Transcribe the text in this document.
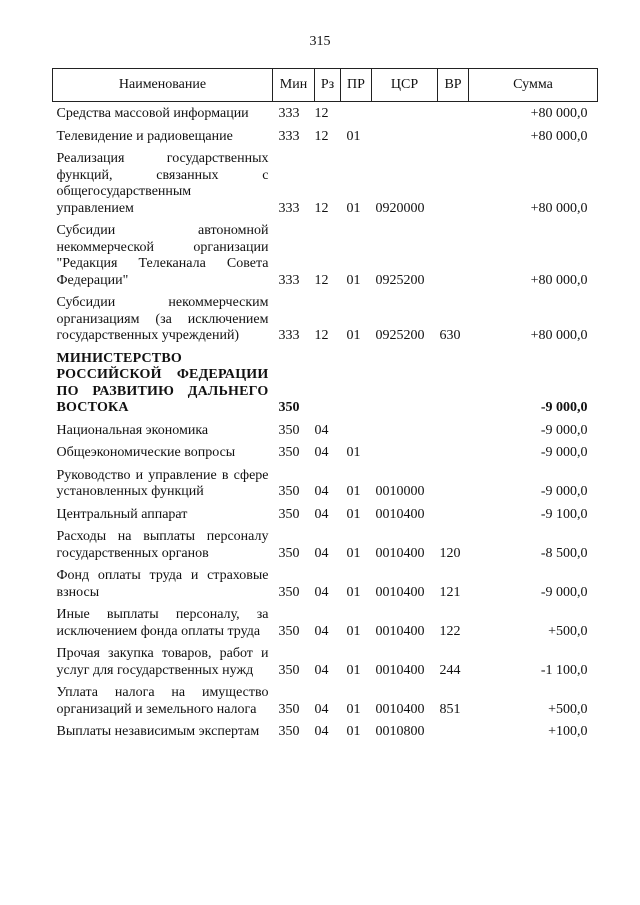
315
Наименование	Мин	Рз	ПР	ЦСР	ВР	Сумма

Средства массовой информации	333	12				+80 000,0

Телевидение и радиовещание	333	12	01			+80 000,0

Реализация государственных функций, связанных с общегосударственным управлением	333	12	01	0920000		+80 000,0

Субсидии автономной некоммерческой организации "Редакция Телеканала Совета Федерации"	333	12	01	0925200		+80 000,0

Субсидии некоммерческим организациям (за исключением государственных учреждений)	333	12	01	0925200	630	+80 000,0

МИНИСТЕРСТВО РОССИЙСКОЙ ФЕДЕРАЦИИ ПО РАЗВИТИЮ ДАЛЬНЕГО ВОСТОКА	350					-9 000,0

Национальная экономика	350	04				-9 000,0

Общеэкономические вопросы	350	04	01			-9 000,0

Руководство и управление в сфере установленных функций	350	04	01	0010000		-9 000,0

Центральный аппарат	350	04	01	0010400		-9 100,0

Расходы на выплаты персоналу государственных органов	350	04	01	0010400	120	-8 500,0

Фонд оплаты труда и страховые взносы	350	04	01	0010400	121	-9 000,0

Иные выплаты персоналу, за исключением фонда оплаты труда	350	04	01	0010400	122	+500,0

Прочая закупка товаров, работ и услуг для государственных нужд	350	04	01	0010400	244	-1 100,0

Уплата налога на имущество организаций и земельного налога	350	04	01	0010400	851	+500,0

Выплаты независимым экспертам	350	04	01	0010800		+100,0
